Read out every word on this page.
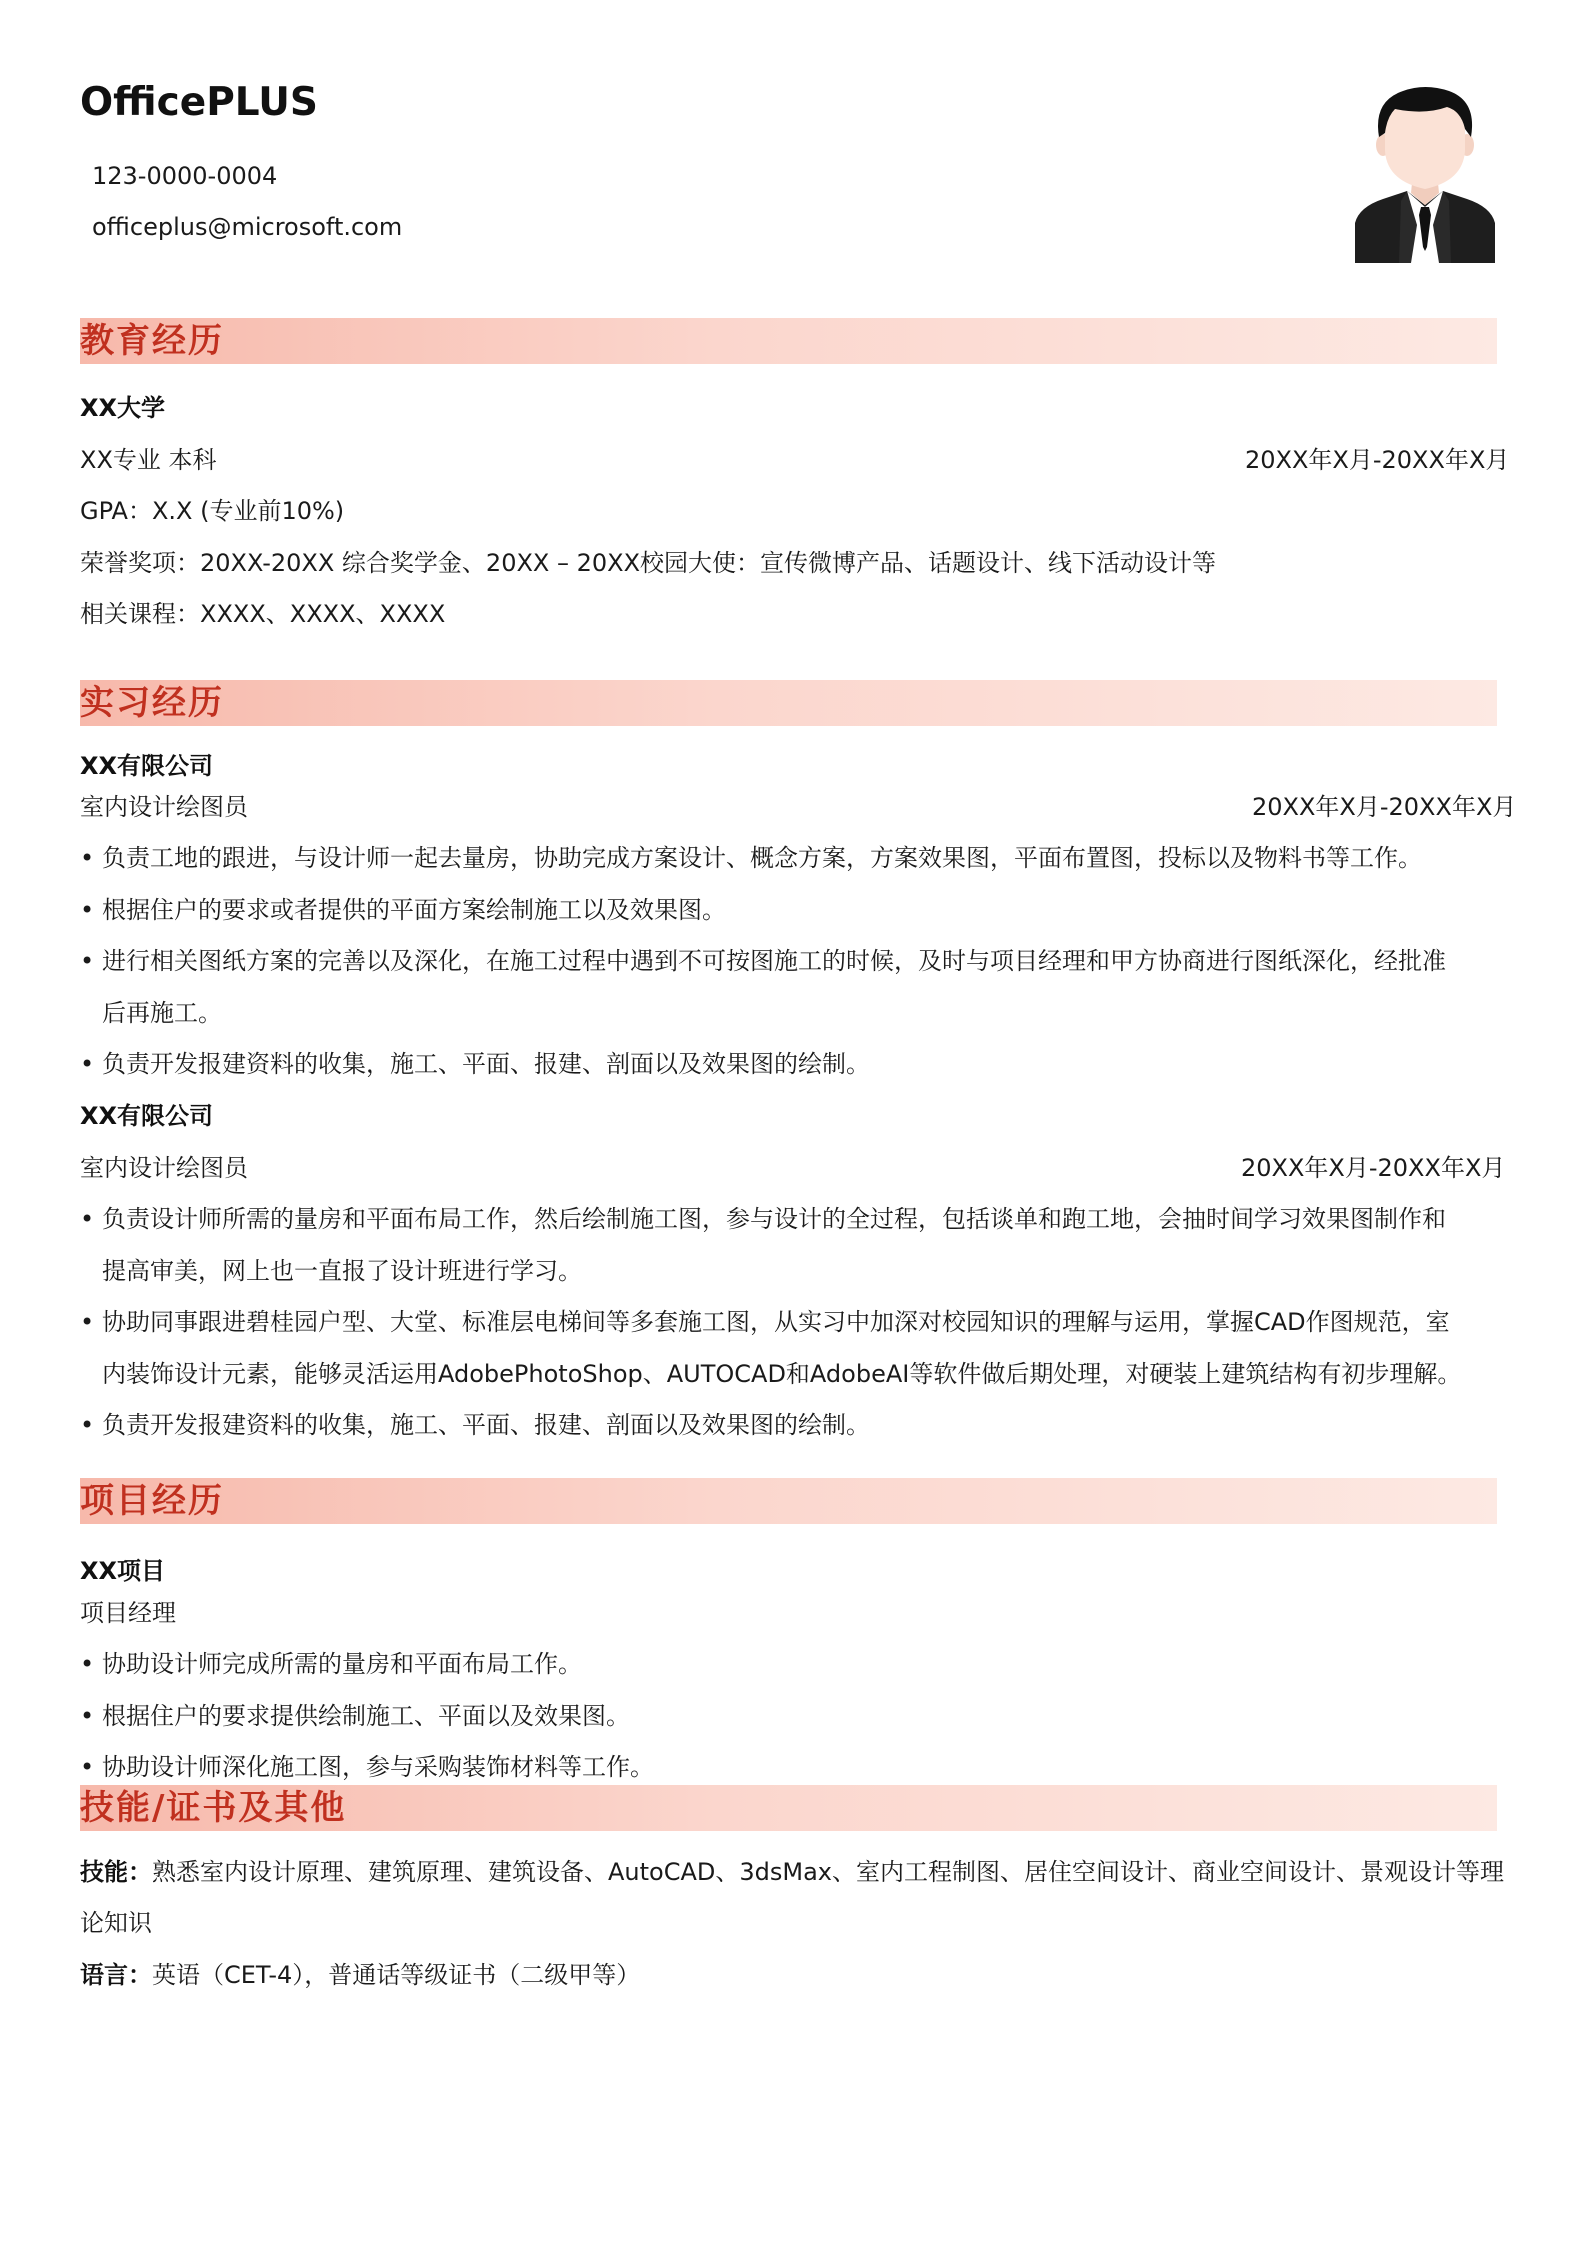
OfficePLUS
123-0000-0004
officeplus@microsoft.com
教育经历
XX大学
XX专业 本科	20XX年X月-20XX年X月
GPA：X.X (专业前10%)
荣誉奖项：20XX-20XX 综合奖学金、20XX – 20XX校园大使：宣传微博产品、话题设计、线下活动设计等
相关课程：XXXX、XXXX、XXXX
实习经历
XX有限公司
室内设计绘图员	20XX年X月-20XX年X月
• 负责工地的跟进，与设计师一起去量房，协助完成方案设计、概念方案，方案效果图，平面布置图，投标以及物料书等工作。
• 根据住户的要求或者提供的平面方案绘制施工以及效果图。
• 进行相关图纸方案的完善以及深化，在施工过程中遇到不可按图施工的时候，及时与项目经理和甲方协商进行图纸深化，经批准
后再施工。
• 负责开发报建资料的收集，施工、平面、报建、剖面以及效果图的绘制。
XX有限公司
室内设计绘图员	20XX年X月-20XX年X月
• 负责设计师所需的量房和平面布局工作，然后绘制施工图，参与设计的全过程，包括谈单和跑工地，会抽时间学习效果图制作和
提高审美，网上也一直报了设计班进行学习。
• 协助同事跟进碧桂园户型、大堂、标准层电梯间等多套施工图，从实习中加深对校园知识的理解与运用，掌握CAD作图规范，室
内装饰设计元素，能够灵活运用AdobePhotoShop、AUTOCAD和AdobeAI等软件做后期处理，对硬装上建筑结构有初步理解。
• 负责开发报建资料的收集，施工、平面、报建、剖面以及效果图的绘制。
项目经历
XX项目
项目经理
• 协助设计师完成所需的量房和平面布局工作。
• 根据住户的要求提供绘制施工、平面以及效果图。
• 协助设计师深化施工图，参与采购装饰材料等工作。
技能/证书及其他
技能：熟悉室内设计原理、建筑原理、建筑设备、AutoCAD、3dsMax、室内工程制图、居住空间设计、商业空间设计、景观设计等理
论知识
语言：英语（CET-4），普通话等级证书（二级甲等）
